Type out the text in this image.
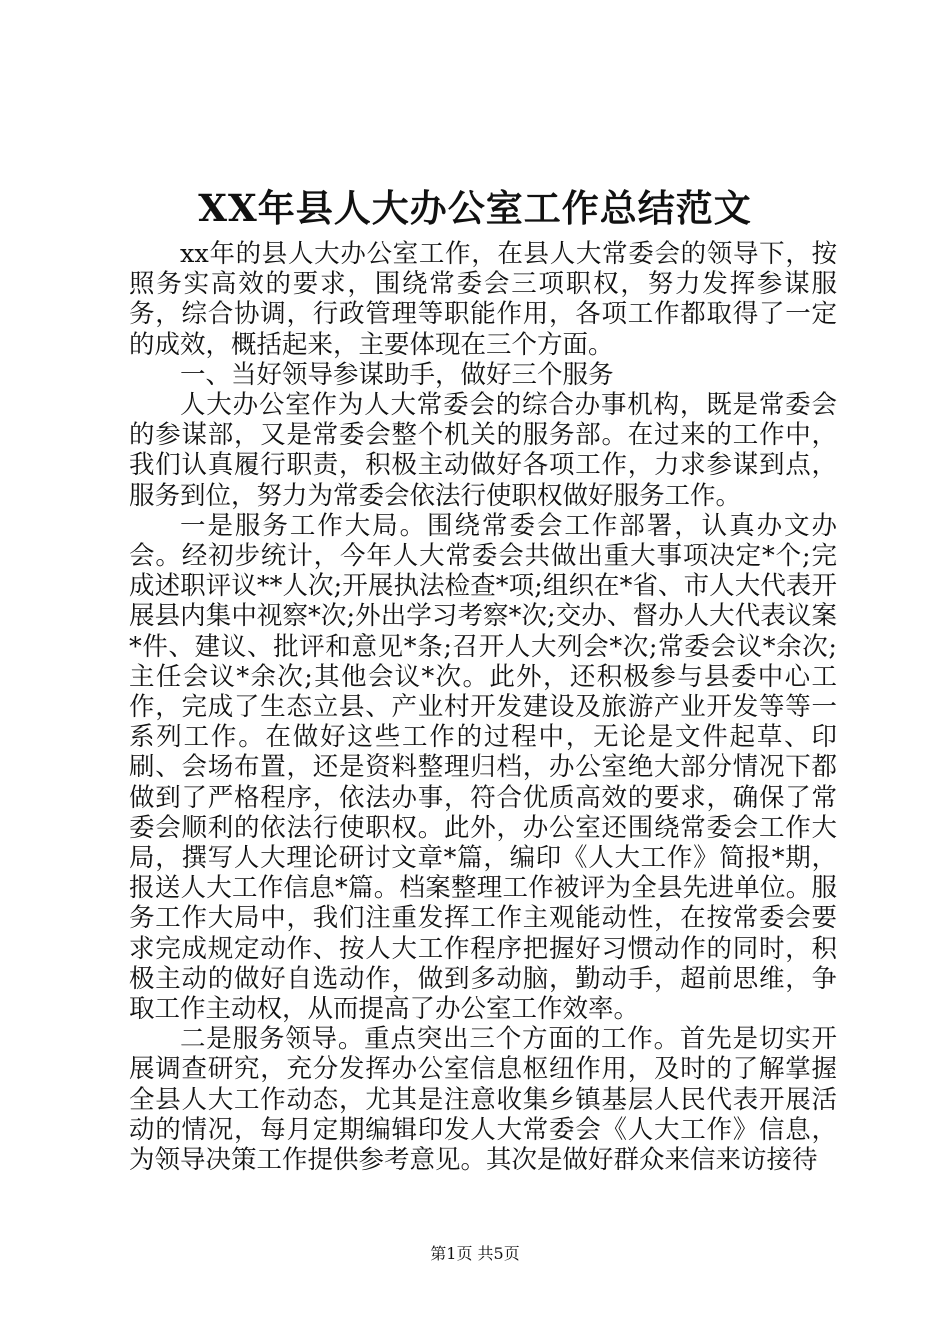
XX年县人大办公室工作总结范文

xx年的县人大办公室工作，在县人大常委会的领导下，按照务实高效的要求，围绕常委会三项职权，努力发挥参谋服务，综合协调，行政管理等职能作用，各项工作都取得了一定的成效，概括起来，主要体现在三个方面。

一、当好领导参谋助手，做好三个服务

人大办公室作为人大常委会的综合办事机构，既是常委会的参谋部，又是常委会整个机关的服务部。在过来的工作中，我们认真履行职责，积极主动做好各项工作，力求参谋到点，服务到位，努力为常委会依法行使职权做好服务工作。

一是服务工作大局。围绕常委会工作部署，认真办文办会。经初步统计，今年人大常委会共做出重大事项决定*个;完成述职评议**人次;开展执法检查*项;组织在*省、市人大代表开展县内集中视察*次;外出学习考察*次;交办、督办人大代表议案*件、建议、批评和意见*条;召开人大列会*次;常委会议*余次;主任会议*余次;其他会议*次。此外，还积极参与县委中心工作，完成了生态立县、产业村开发建设及旅游产业开发等等一系列工作。在做好这些工作的过程中，无论是文件起草、印刷、会场布置，还是资料整理归档，办公室绝大部分情况下都做到了严格程序，依法办事，符合优质高效的要求，确保了常委会顺利的依法行使职权。此外，办公室还围绕常委会工作大局，撰写人大理论研讨文章*篇，编印《人大工作》简报*期，报送人大工作信息*篇。档案整理工作被评为全县先进单位。服务工作大局中，我们注重发挥工作主观能动性，在按常委会要求完成规定动作、按人大工作程序把握好习惯动作的同时，积极主动的做好自选动作，做到多动脑，勤动手，超前思维，争取工作主动权，从而提高了办公室工作效率。

二是服务领导。重点突出三个方面的工作。首先是切实开展调查研究，充分发挥办公室信息枢纽作用，及时的了解掌握全县人大工作动态，尤其是注意收集乡镇基层人民代表开展活动的情况，每月定期编辑印发人大常委会《人大工作》信息，为领导决策工作提供参考意见。其次是做好群众来信来访接待

第1页 共5页
